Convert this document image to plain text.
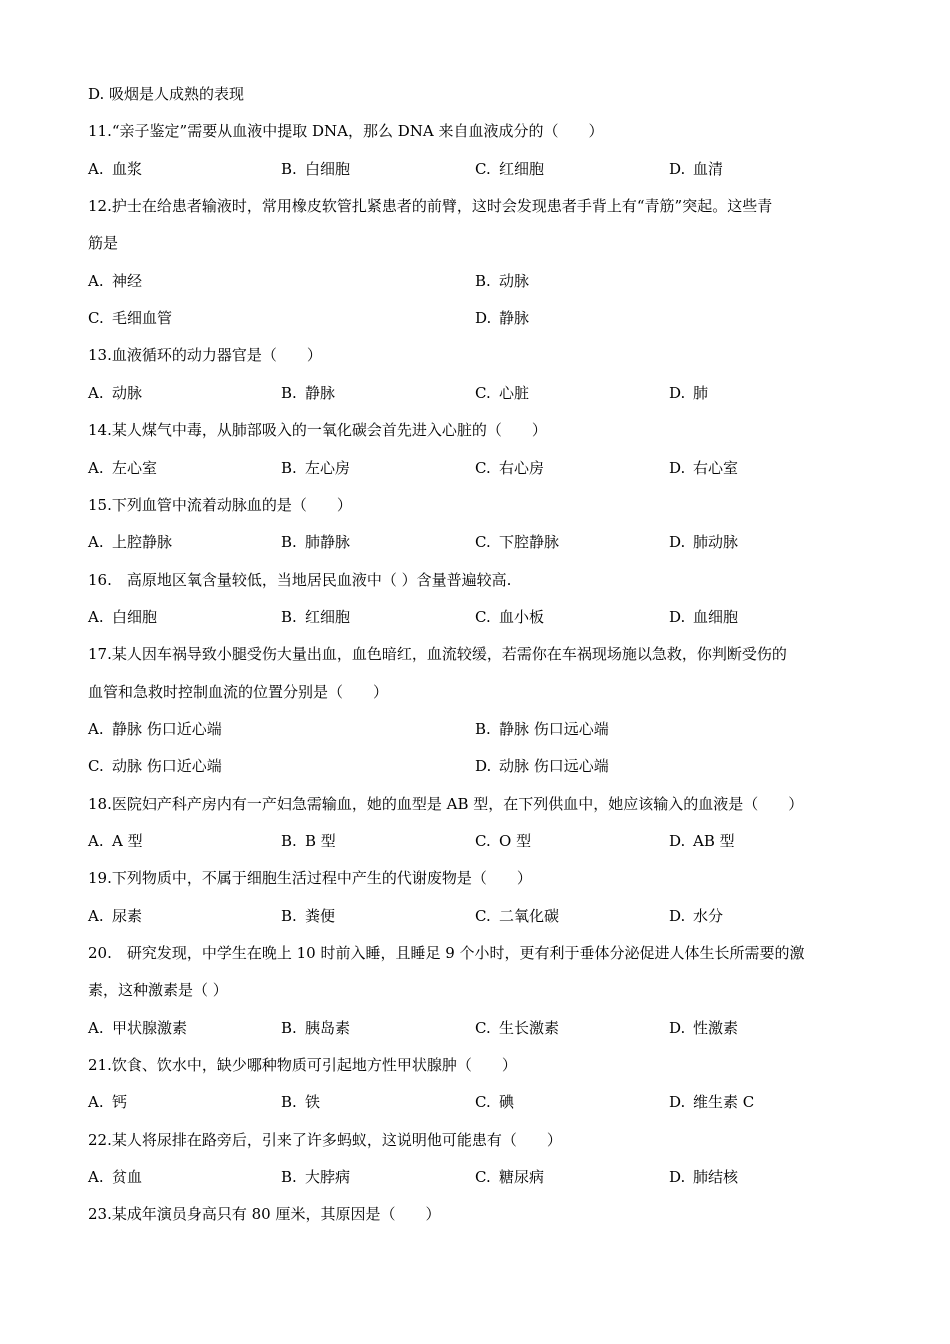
D. 吸烟是人成熟的表现
11.“亲子鉴定”需要从血液中提取 DNA，那么 DNA 来自血液成分的（　　）
A. 血浆	B. 白细胞	C. 红细胞	D. 血清
12.护士在给患者输液时，常用橡皮软管扎紧患者的前臂，这时会发现患者手背上有“青筋”突起。这些青
筋是
A. 神经	B. 动脉
C. 毛细血管	D. 静脉
13.血液循环的动力器官是（　　）
A. 动脉	B. 静脉	C. 心脏	D. 肺
14.某人煤气中毒，从肺部吸入的一氧化碳会首先进入心脏的（　　）
A. 左心室	B. 左心房	C. 右心房	D. 右心室
15.下列血管中流着动脉血的是（　　）
A. 上腔静脉	B. 肺静脉	C. 下腔静脉	D. 肺动脉
16.　高原地区氧含量较低，当地居民血液中（ ）含量普遍较高.
A. 白细胞	B. 红细胞	C. 血小板	D. 血细胞
17.某人因车祸导致小腿受伤大量出血，血色暗红，血流较缓，若需你在车祸现场施以急救，你判断受伤的
血管和急救时控制血流的位置分别是（　　）
A. 静脉 伤口近心端	B. 静脉 伤口远心端
C. 动脉 伤口近心端	D. 动脉 伤口远心端
18.医院妇产科产房内有一产妇急需输血，她的血型是 AB 型，在下列供血中，她应该输入的血液是（　　）
A. A 型	B. B 型	C. O 型	D. AB 型
19.下列物质中，不属于细胞生活过程中产生的代谢废物是（　　）
A. 尿素	B. 粪便	C. 二氧化碳	D. 水分
20.　研究发现，中学生在晚上 10 时前入睡，且睡足 9 个小时，更有利于垂体分泌促进人体生长所需要的激
素，这种激素是（ ）
A. 甲状腺激素	B. 胰岛素	C. 生长激素	D. 性激素
21.饮食、饮水中，缺少哪种物质可引起地方性甲状腺肿（　　）
A. 钙	B. 铁	C. 碘	D. 维生素 C
22.某人将尿排在路旁后，引来了许多蚂蚁，这说明他可能患有（　　）
A. 贫血	B. 大脖病	C. 糖尿病	D. 肺结核
23.某成年演员身高只有 80 厘米，其原因是（　　）
